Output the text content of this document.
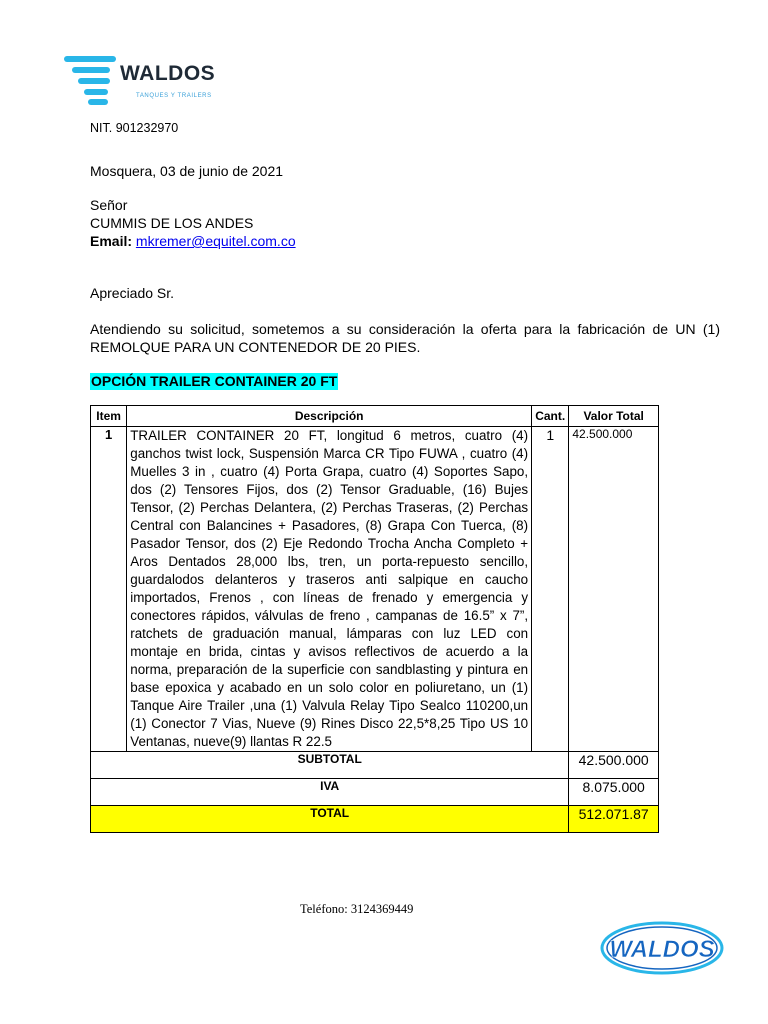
WALDOS
TANQUES Y TRAILERS
NIT. 901232970
Mosquera, 03 de junio de 2021
Señor
CUMMIS DE LOS ANDES
Email: mkremer@equitel.com.co
Apreciado Sr.
Atendiendo su solicitud, sometemos a su consideración la oferta para la fabricación de UN (1) REMOLQUE PARA UN CONTENEDOR DE 20 PIES.
OPCIÓN TRAILER CONTAINER 20 FT
Item	Descripción	Cant.	Valor Total
1	TRAILER CONTAINER 20 FT, longitud 6 metros, cuatro (4) ganchos twist lock, Suspensión Marca CR Tipo FUWA , cuatro (4) Muelles 3 in , cuatro (4) Porta Grapa, cuatro (4) Soportes Sapo, dos (2) Tensores Fijos, dos (2) Tensor Graduable, (16) Bujes Tensor, (2) Perchas Delantera, (2) Perchas Traseras, (2) Perchas Central con Balancines + Pasadores, (8) Grapa Con Tuerca, (8) Pasador Tensor, dos (2) Eje Redondo Trocha Ancha Completo + Aros Dentados 28,000 lbs, tren, un porta-repuesto sencillo, guardalodos delanteros y traseros anti salpique en caucho importados, Frenos , con líneas de frenado y emergencia y conectores rápidos, válvulas de freno , campanas de 16.5” x 7”, ratchets de graduación manual, lámparas con luz LED con montaje en brida, cintas y avisos reflectivos de acuerdo a la norma, preparación de la superficie con sandblasting y pintura en base epoxica y acabado en un solo color en poliuretano, un (1) Tanque Aire Trailer ,una (1) Valvula Relay Tipo Sealco 110200,un (1) Conector 7 Vias, Nueve (9) Rines Disco 22,5*8,25 Tipo US 10 Ventanas, nueve(9) llantas R 22.5	1	42.500.000
SUBTOTAL			42.500.000
IVA			8.075.000
TOTAL			512.071.87
Teléfono: 3124369449
WALDOS
